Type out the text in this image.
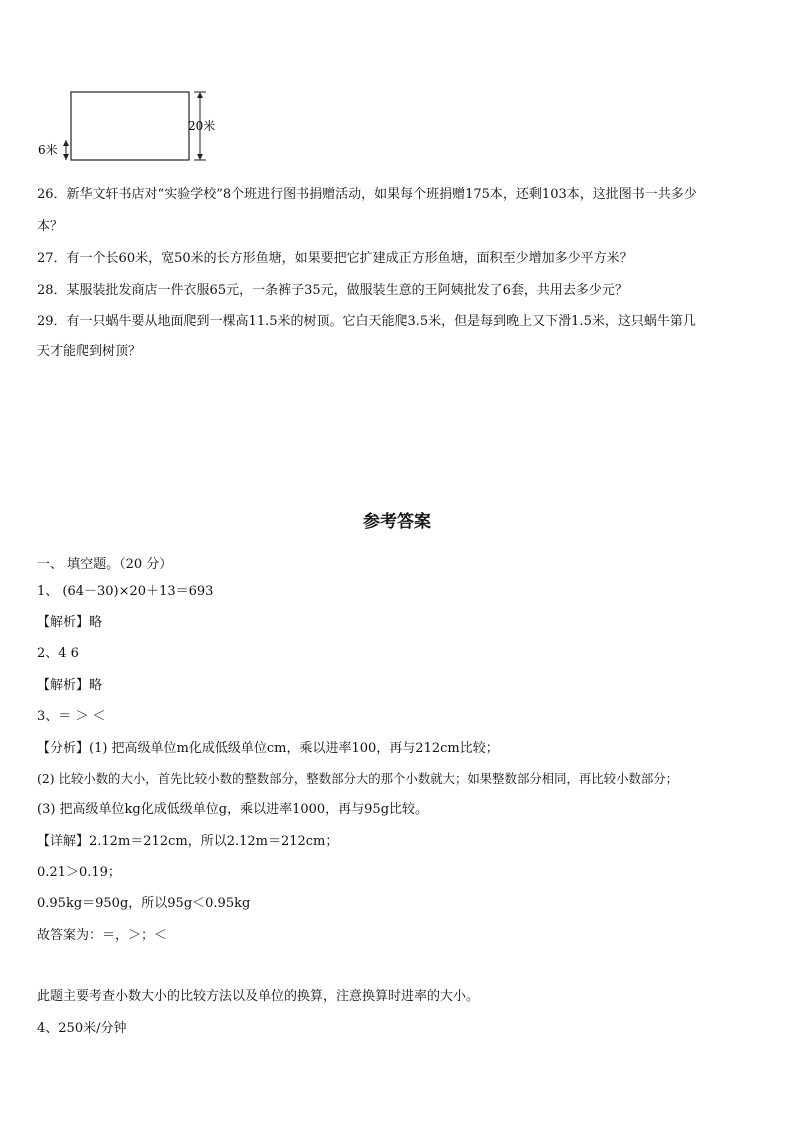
20米
6米
26．新华文轩书店对“实验学校”8个班进行图书捐赠活动，如果每个班捐赠175本，还剩103本，这批图书一共多少
本？
27．有一个长60米，宽50米的长方形鱼塘，如果要把它扩建成正方形鱼塘，面积至少增加多少平方米？
28．某服装批发商店一件衣服65元，一条裤子35元，做服装生意的王阿姨批发了6套，共用去多少元？
29．有一只蜗牛要从地面爬到一棵高11.5米的树顶。它白天能爬3.5米，但是每到晚上又下滑1.5米，这只蜗牛第几
天才能爬到树顶？
参考答案
一、 填空题。（20 分）
1、 (64－30)×20＋13＝693
【解析】略
2、4 6
【解析】略
3、＝ ＞ ＜
【分析】(1) 把高级单位m化成低级单位cm，乘以进率100，再与212cm比较；
(2) 比较小数的大小，首先比较小数的整数部分，整数部分大的那个小数就大；如果整数部分相同，再比较小数部分；
(3) 把高级单位kg化成低级单位g，乘以进率1000，再与95g比较。
【详解】2.12m＝212cm，所以2.12m＝212cm；
0.21＞0.19；
0.95kg＝950g，所以95g＜0.95kg
故答案为：＝，＞；＜
此题主要考查小数大小的比较方法以及单位的换算，注意换算时进率的大小。
4、250米/分钟
